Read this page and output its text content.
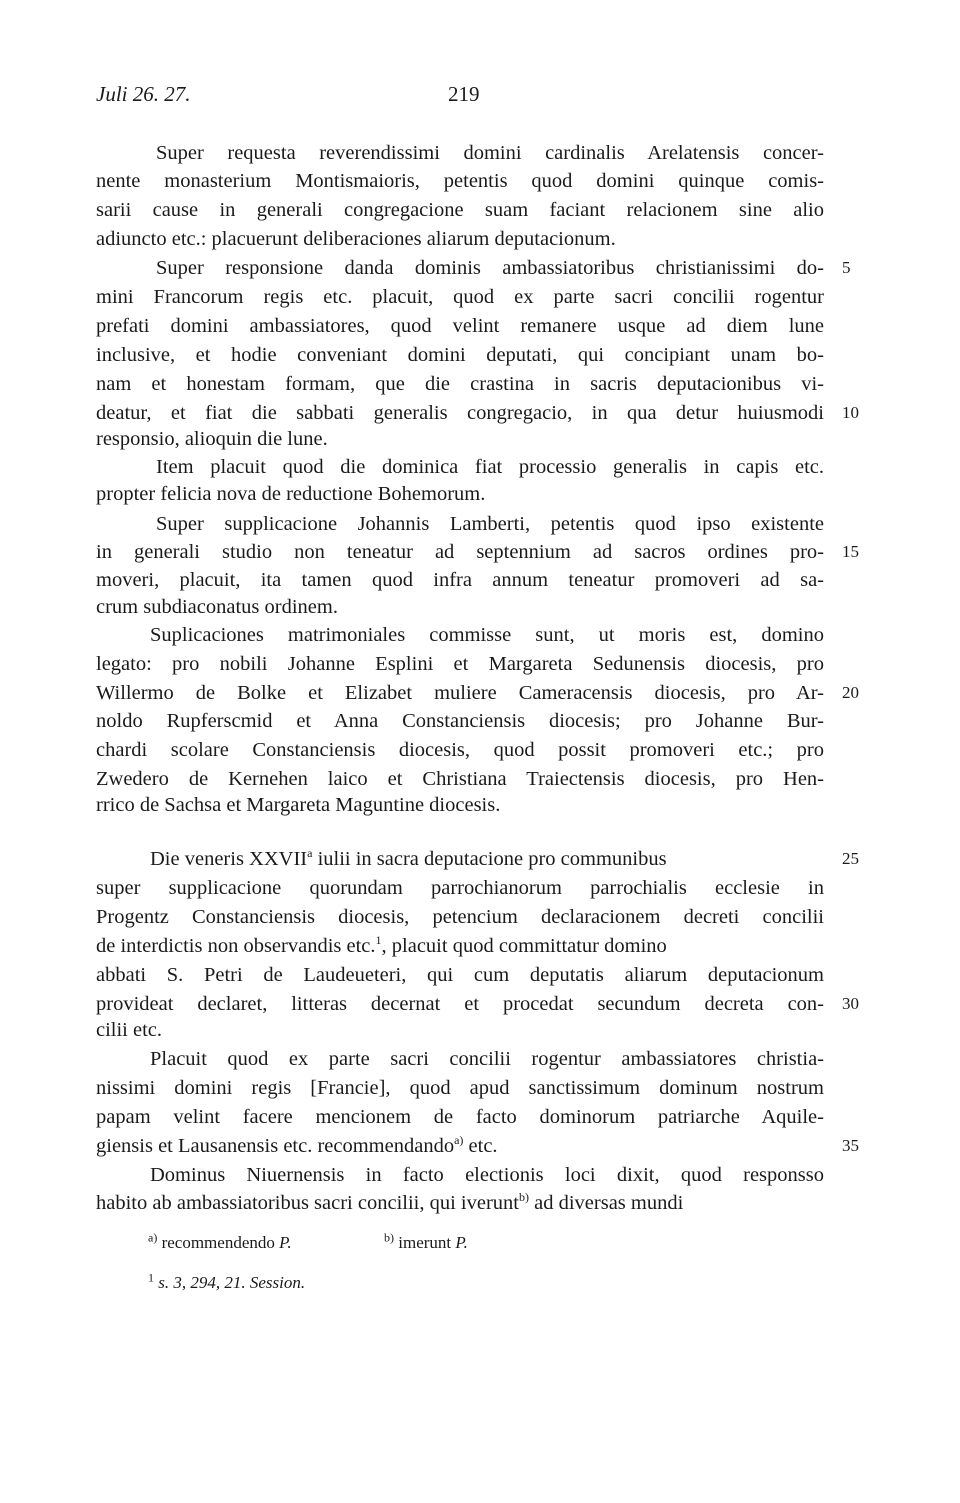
Juli 26. 27.	219
Super requesta reverendissimi domini cardinalis Arelatensis concer-
nente monasterium Montismaioris, petentis quod domini quinque comis-
sarii cause in generali congregacione suam faciant relacionem sine alio
adiuncto etc.: placuerunt deliberaciones aliarum deputacionum.
Super responsione danda dominis ambassiatoribus christianissimi do-
mini Francorum regis etc. placuit, quod ex parte sacri concilii rogentur
prefati domini ambassiatores, quod velint remanere usque ad diem lune
inclusive, et hodie conveniant domini deputati, qui concipiant unam bo-
nam et honestam formam, que die crastina in sacris deputacionibus vi-
deatur, et fiat die sabbati generalis congregacio, in qua detur huiusmodi
responsio, alioquin die lune.
Item placuit quod die dominica fiat processio generalis in capis etc.
propter felicia nova de reductione Bohemorum.
Super supplicacione Johannis Lamberti, petentis quod ipso existente
in generali studio non teneatur ad septennium ad sacros ordines pro-
moveri, placuit, ita tamen quod infra annum teneatur promoveri ad sa-
crum subdiaconatus ordinem.
Suplicaciones matrimoniales commisse sunt, ut moris est, domino
legato: pro nobili Johanne Esplini et Margareta Sedunensis diocesis, pro
Willermo de Bolke et Elizabet muliere Cameracensis diocesis, pro Ar-
noldo Rupferscmid et Anna Constanciensis diocesis; pro Johanne Bur-
chardi scolare Constanciensis diocesis, quod possit promoveri etc.; pro
Zwedero de Kernehen laico et Christiana Traiectensis diocesis, pro Hen-
rrico de Sachsa et Margareta Maguntine diocesis.
Die veneris XXVII$^a$ iulii in sacra deputacione pro communibus
super supplicacione quorundam parrochianorum parrochialis ecclesie in
Progentz Constanciensis diocesis, petencium declaracionem decreti concilii
de interdictis non observandis etc.$^1$, placuit quod committatur domino
abbati S. Petri de Laudeueteri, qui cum deputatis aliarum deputacionum
provideat declaret, litteras decernat et procedat secundum decreta con-
cilii etc.
Placuit quod ex parte sacri concilii rogentur ambassiatores christia-
nissimi domini regis [Francie], quod apud sanctissimum dominum nostrum
papam velint facere mencionem de facto dominorum patriarche Aquile-
giensis et Lausanensis etc. recommendando$^{a)}$ etc.
Dominus Niuernensis in facto electionis loci dixit, quod responsso
habito ab ambassiatoribus sacri concilii, qui iverunt$^{b)}$ ad diversas mundi
5
10
15
20
25
30
35
$^{a)}$ recommendendo P.	$^{b)}$ imerunt P.
$^1$ s. 3, 294, 21. Session.
